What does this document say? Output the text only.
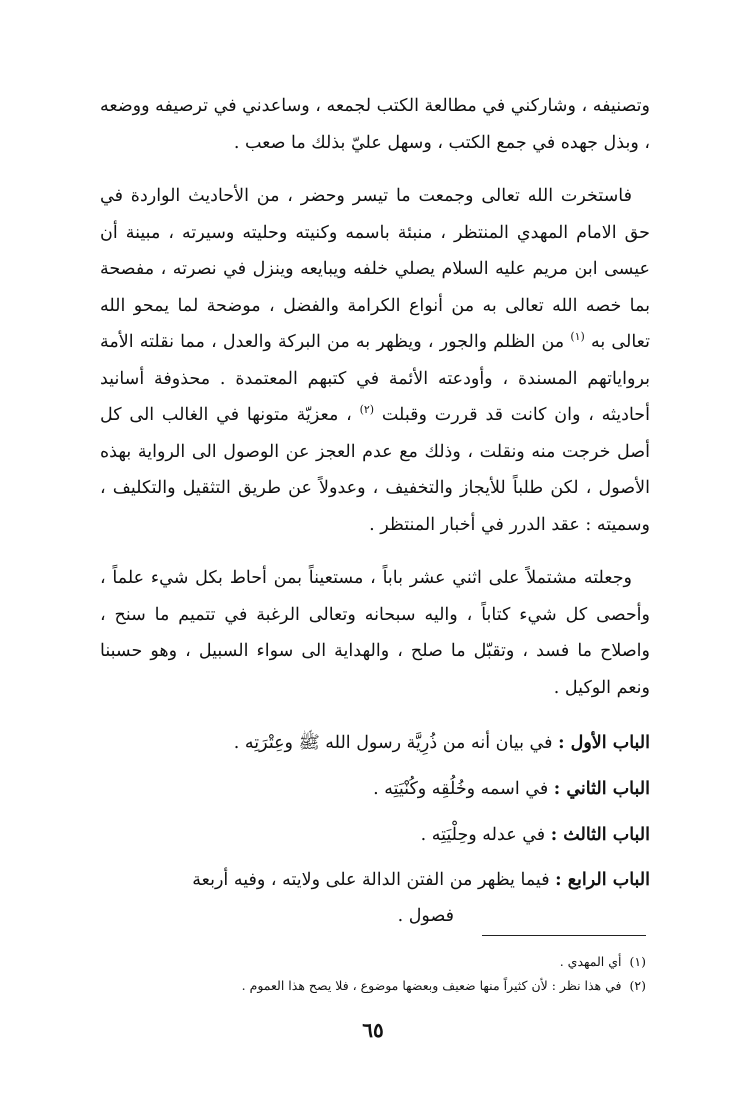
وتصنيفه ، وشاركني في مطالعة الكتب لجمعه ، وساعدني في ترصيفه ووضعه ، وبذل جهده في جمع الكتب ، وسهل عليّ بذلك ما صعب .

فاستخرت الله تعالى وجمعت ما تيسر وحضر ، من الأحاديث الواردة في حق الامام المهدي المنتظر ، منبئة باسمه وكنيته وحليته وسيرته ، مبينة أن عيسى ابن مريم عليه السلام يصلي خلفه ويبايعه وينزل في نصرته ، مفصحة بما خصه الله تعالى به من أنواع الكرامة والفضل ، موضحة لما يمحو الله تعالى به $^{(١)}$ من الظلم والجور ، ويظهر به من البركة والعدل ، مما نقلته الأمة برواياتهم المسندة ، وأودعته الأئمة في كتبهم المعتمدة . محذوفة أسانيد أحاديثه ، وان كانت قد قررت وقبلت $^{(٢)}$ ، معزيّة متونها في الغالب الى كل أصل خرجت منه ونقلت ، وذلك مع عدم العجز عن الوصول الى الرواية بهذه الأصول ، لكن طلباً للأيجاز والتخفيف ، وعدولاً عن طريق التثقيل والتكليف ، وسميته : عقد الدرر في أخبار المنتظر .

وجعلته مشتملاً على اثني عشر باباً ، مستعيناً بمن أحاط بكل شيء علماً ، وأحصى كل شيء كتاباً ، واليه سبحانه وتعالى الرغبة في تتميم ما سنح ، واصلاح ما فسد ، وتقبّل ما صلح ، والهداية الى سواء السبيل ، وهو حسبنا ونعم الوكيل .

الباب الأول : في بيان أنه من ذُرِيَّة رسول الله ﷺ وعِتْرَتِه .

الباب الثاني : في اسمه وخُلُقِه وكُنْيَتِه .

الباب الثالث : في عدله وحِلْيَتِه .

الباب الرابع : فيما يظهر من الفتن الدالة على ولايته ، وفيه أربعة
فصول .

(١) أي المهدي .

(٢) في هذا نظر : لأن كثيراً منها ضعيف وبعضها موضوع ، فلا يصح هذا العموم .

٦٥
